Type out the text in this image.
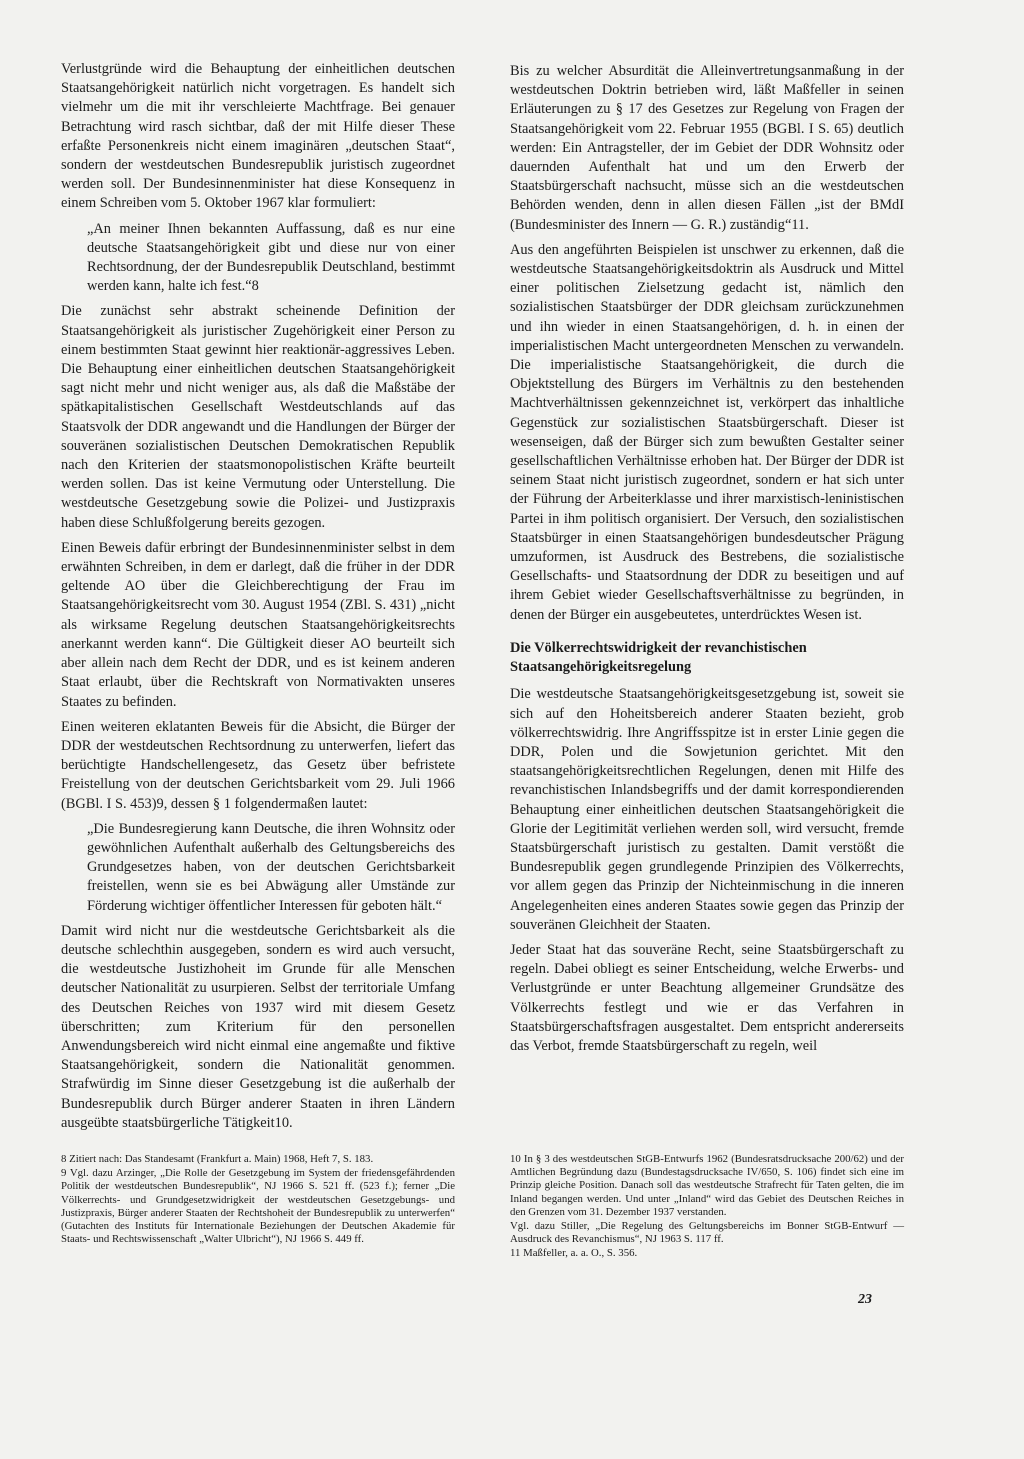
Verlustgründe wird die Behauptung der einheitlichen deutschen Staatsangehörigkeit natürlich nicht vorgetragen. Es handelt sich vielmehr um die mit ihr verschleierte Machtfrage. Bei genauer Betrachtung wird rasch sichtbar, daß der mit Hilfe dieser These erfaßte Personenkreis nicht einem imaginären „deutschen Staat“, sondern der westdeutschen Bundesrepublik juristisch zugeordnet werden soll. Der Bundesinnenminister hat diese Konsequenz in einem Schreiben vom 5. Oktober 1967 klar formuliert:

„An meiner Ihnen bekannten Auffassung, daß es nur eine deutsche Staatsangehörigkeit gibt und diese nur von einer Rechtsordnung, der der Bundesrepublik Deutschland, bestimmt werden kann, halte ich fest.“8

Die zunächst sehr abstrakt scheinende Definition der Staatsangehörigkeit als juristischer Zugehörigkeit einer Person zu einem bestimmten Staat gewinnt hier reaktionär-aggressives Leben. Die Behauptung einer einheitlichen deutschen Staatsangehörigkeit sagt nicht mehr und nicht weniger aus, als daß die Maßstäbe der spätkapitalistischen Gesellschaft Westdeutschlands auf das Staatsvolk der DDR angewandt und die Handlungen der Bürger der souveränen sozialistischen Deutschen Demokratischen Republik nach den Kriterien der staatsmonopolistischen Kräfte beurteilt werden sollen. Das ist keine Vermutung oder Unterstellung. Die westdeutsche Gesetzgebung sowie die Polizei- und Justizpraxis haben diese Schlußfolgerung bereits gezogen.

Einen Beweis dafür erbringt der Bundesinnenminister selbst in dem erwähnten Schreiben, in dem er darlegt, daß die früher in der DDR geltende AO über die Gleichberechtigung der Frau im Staatsangehörigkeitsrecht vom 30. August 1954 (ZBl. S. 431) „nicht als wirksame Regelung deutschen Staatsangehörigkeitsrechts anerkannt werden kann“. Die Gültigkeit dieser AO beurteilt sich aber allein nach dem Recht der DDR, und es ist keinem anderen Staat erlaubt, über die Rechtskraft von Normativakten unseres Staates zu befinden.

Einen weiteren eklatanten Beweis für die Absicht, die Bürger der DDR der westdeutschen Rechtsordnung zu unterwerfen, liefert das berüchtigte Handschellengesetz, das Gesetz über befristete Freistellung von der deutschen Gerichtsbarkeit vom 29. Juli 1966 (BGBl. I S. 453)9, dessen § 1 folgendermaßen lautet:

„Die Bundesregierung kann Deutsche, die ihren Wohnsitz oder gewöhnlichen Aufenthalt außerhalb des Geltungsbereichs des Grundgesetzes haben, von der deutschen Gerichtsbarkeit freistellen, wenn sie es bei Abwägung aller Umstände zur Förderung wichtiger öffentlicher Interessen für geboten hält.“

Damit wird nicht nur die westdeutsche Gerichtsbarkeit als die deutsche schlechthin ausgegeben, sondern es wird auch versucht, die westdeutsche Justizhoheit im Grunde für alle Menschen deutscher Nationalität zu usurpieren. Selbst der territoriale Umfang des Deutschen Reiches von 1937 wird mit diesem Gesetz überschritten; zum Kriterium für den personellen Anwendungsbereich wird nicht einmal eine angemaßte und fiktive Staatsangehörigkeit, sondern die Nationalität genommen. Strafwürdig im Sinne dieser Gesetzgebung ist die außerhalb der Bundesrepublik durch Bürger anderer Staaten in ihren Ländern ausgeübte staatsbürgerliche Tätigkeit10.

Bis zu welcher Absurdität die Alleinvertretungsanmaßung in der westdeutschen Doktrin betrieben wird, läßt Maßfeller in seinen Erläuterungen zu § 17 des Gesetzes zur Regelung von Fragen der Staatsangehörigkeit vom 22. Februar 1955 (BGBl. I S. 65) deutlich werden: Ein Antragsteller, der im Gebiet der DDR Wohnsitz oder dauernden Aufenthalt hat und um den Erwerb der Staatsbürgerschaft nachsucht, müsse sich an die westdeutschen Behörden wenden, denn in allen diesen Fällen „ist der BMdI (Bundesminister des Innern — G. R.) zuständig“11.

Aus den angeführten Beispielen ist unschwer zu erkennen, daß die westdeutsche Staatsangehörigkeitsdoktrin als Ausdruck und Mittel einer politischen Zielsetzung gedacht ist, nämlich den sozialistischen Staatsbürger der DDR gleichsam zurückzunehmen und ihn wieder in einen Staatsangehörigen, d. h. in einen der imperialistischen Macht untergeordneten Menschen zu verwandeln. Die imperialistische Staatsangehörigkeit, die durch die Objektstellung des Bürgers im Verhältnis zu den bestehenden Machtverhältnissen gekennzeichnet ist, verkörpert das inhaltliche Gegenstück zur sozialistischen Staatsbürgerschaft. Dieser ist wesenseigen, daß der Bürger sich zum bewußten Gestalter seiner gesellschaftlichen Verhältnisse erhoben hat. Der Bürger der DDR ist seinem Staat nicht juristisch zugeordnet, sondern er hat sich unter der Führung der Arbeiterklasse und ihrer marxistisch-leninistischen Partei in ihm politisch organisiert. Der Versuch, den sozialistischen Staatsbürger in einen Staatsangehörigen bundesdeutscher Prägung umzuformen, ist Ausdruck des Bestrebens, die sozialistische Gesellschafts- und Staatsordnung der DDR zu beseitigen und auf ihrem Gebiet wieder Gesellschaftsverhältnisse zu begründen, in denen der Bürger ein ausgebeutetes, unterdrücktes Wesen ist.

Die Völkerrechtswidrigkeit der revanchistischen Staatsangehörigkeitsregelung

Die westdeutsche Staatsangehörigkeitsgesetzgebung ist, soweit sie sich auf den Hoheitsbereich anderer Staaten bezieht, grob völkerrechtswidrig. Ihre Angriffsspitze ist in erster Linie gegen die DDR, Polen und die Sowjetunion gerichtet. Mit den staatsangehörigkeitsrechtlichen Regelungen, denen mit Hilfe des revanchistischen Inlandsbegriffs und der damit korrespondierenden Behauptung einer einheitlichen deutschen Staatsangehörigkeit die Glorie der Legitimität verliehen werden soll, wird versucht, fremde Staatsbürgerschaft juristisch zu gestalten. Damit verstößt die Bundesrepublik gegen grundlegende Prinzipien des Völkerrechts, vor allem gegen das Prinzip der Nichteinmischung in die inneren Angelegenheiten eines anderen Staates sowie gegen das Prinzip der souveränen Gleichheit der Staaten.

Jeder Staat hat das souveräne Recht, seine Staatsbürgerschaft zu regeln. Dabei obliegt es seiner Entscheidung, welche Erwerbs- und Verlustgründe er unter Beachtung allgemeiner Grundsätze des Völkerrechts festlegt und wie er das Verfahren in Staatsbürgerschaftsfragen ausgestaltet. Dem entspricht andererseits das Verbot, fremde Staatsbürgerschaft zu regeln, weil

8 Zitiert nach: Das Standesamt (Frankfurt a. Main) 1968, Heft 7, S. 183.
9 Vgl. dazu Arzinger, „Die Rolle der Gesetzgebung im System der friedensgefährdenden Politik der westdeutschen Bundesrepublik“, NJ 1966 S. 521 ff. (523 f.); ferner „Die Völkerrechts- und Grundgesetzwidrigkeit der westdeutschen Gesetzgebungs- und Justizpraxis, Bürger anderer Staaten der Rechtshoheit der Bundesrepublik zu unterwerfen“ (Gutachten des Instituts für Internationale Beziehungen der Deutschen Akademie für Staats- und Rechtswissenschaft „Walter Ulbricht“), NJ 1966 S. 449 ff.
10 In § 3 des westdeutschen StGB-Entwurfs 1962 (Bundesratsdrucksache 200/62) und der Amtlichen Begründung dazu (Bundestagsdrucksache IV/650, S. 106) findet sich eine im Prinzip gleiche Position. Danach soll das westdeutsche Strafrecht für Taten gelten, die im Inland begangen werden. Und unter „Inland“ wird das Gebiet des Deutschen Reiches in den Grenzen vom 31. Dezember 1937 verstanden.
Vgl. dazu Stiller, „Die Regelung des Geltungsbereichs im Bonner StGB-Entwurf — Ausdruck des Revanchismus“, NJ 1963 S. 117 ff.
11 Maßfeller, a. a. O., S. 356.
23
